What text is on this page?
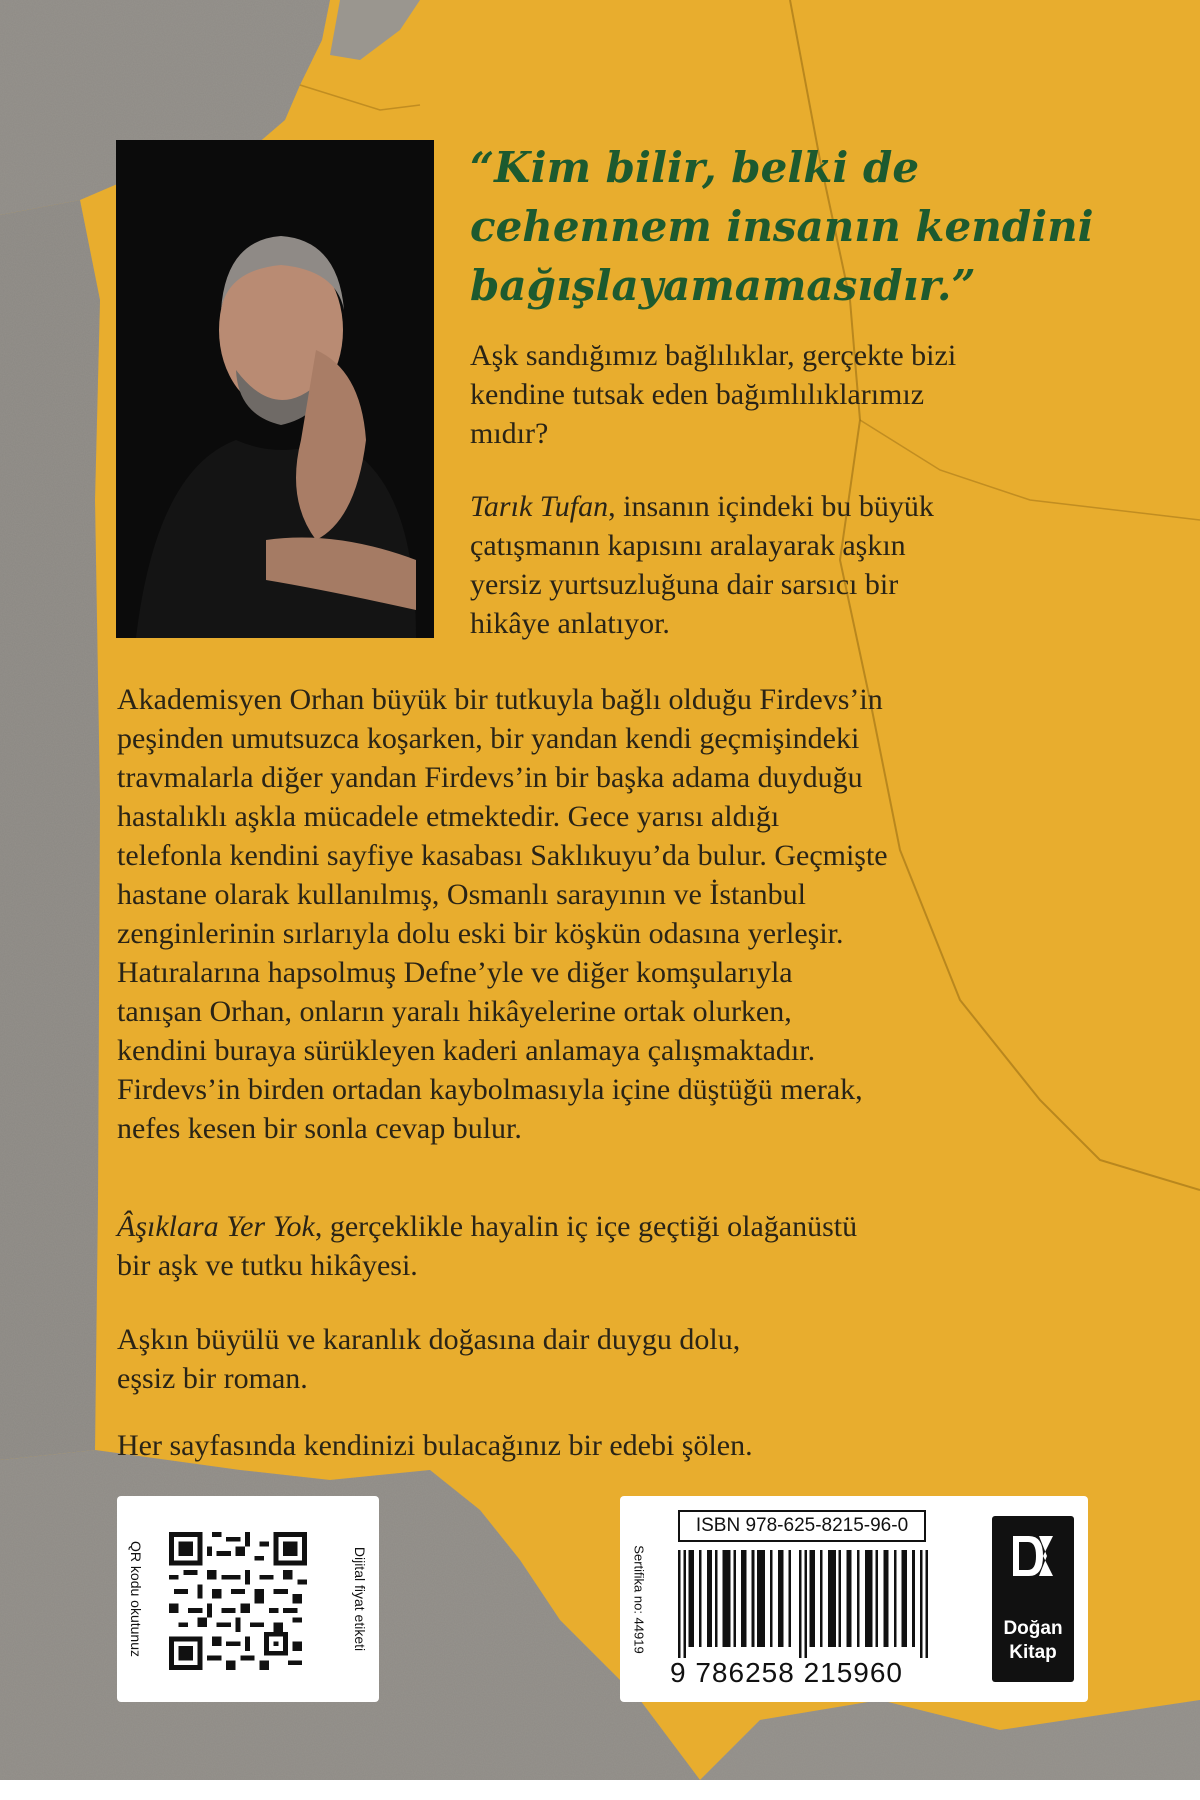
“Kim bilir, belki de
cehennem insanın kendini
bağışlayamamasıdır.”
Aşk sandığımız bağlılıklar, gerçekte bizi
kendine tutsak eden bağımlılıklarımız
mıdır?
Tarık Tufan, insanın içindeki bu büyük
çatışmanın kapısını aralayarak aşkın
yersiz yurtsuzluğuna dair sarsıcı bir
hikâye anlatıyor.
Akademisyen Orhan büyük bir tutkuyla bağlı olduğu Firdevs’in
peşinden umutsuzca koşarken, bir yandan kendi geçmişindeki
travmalarla diğer yandan Firdevs’in bir başka adama duyduğu
hastalıklı aşkla mücadele etmektedir. Gece yarısı aldığı
telefonla kendini sayfiye kasabası Saklıkuyu’da bulur. Geçmişte
hastane olarak kullanılmış, Osmanlı sarayının ve İstanbul
zenginlerinin sırlarıyla dolu eski bir köşkün odasına yerleşir.
Hatıralarına hapsolmuş Defne’yle ve diğer komşularıyla
tanışan Orhan, onların yaralı hikâyelerine ortak olurken,
kendini buraya sürükleyen kaderi anlamaya çalışmaktadır.
Firdevs’in birden ortadan kaybolmasıyla içine düştüğü merak,
nefes kesen bir sonla cevap bulur.
Âşıklara Yer Yok, gerçeklikle hayalin iç içe geçtiği olağanüstü
bir aşk ve tutku hikâyesi.
Aşkın büyülü ve karanlık doğasına dair duygu dolu,
eşsiz bir roman.
Her sayfasında kendinizi bulacağınız bir edebi şölen.
QR kodu okutunuz	Dijital fiyat etiketi	Sertifika no: 44919
ISBN 978-625-8215-96-0
9 786258 215960
Doğan
Kitap
